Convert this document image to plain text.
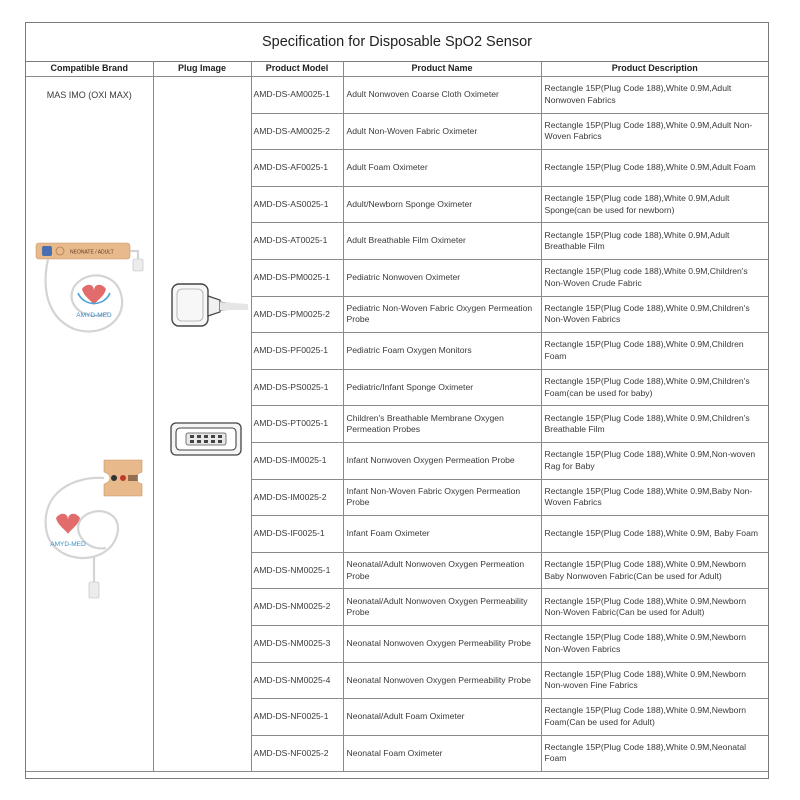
Specification for Disposable SpO2 Sensor
Compatible Brand	Plug Image	Product Model	Product Name	Product Description

MAS IMO (OXI MAX)
NEONATE / ADULT
AMYD-MED
AMYD-MED		AMD-DS-AM0025-1	Adult Nonwoven Coarse Cloth Oximeter	Rectangle 15P(Plug Code 188),White 0.9M,Adult Nonwoven Fabrics
		AMD-DS-AM0025-2	Adult Non-Woven Fabric Oximeter	Rectangle 15P(Plug Code 188),White 0.9M,Adult Non-Woven Fabrics
		AMD-DS-AF0025-1	Adult Foam Oximeter	Rectangle 15P(Plug Code 188),White 0.9M,Adult Foam
		AMD-DS-AS0025-1	Adult/Newborn Sponge Oximeter	Rectangle 15P(Plug code 188),White 0.9M,Adult Sponge(can be used for newborn)
		AMD-DS-AT0025-1	Adult Breathable Film Oximeter	Rectangle 15P(Plug code 188),White 0.9M,Adult Breathable Film
		AMD-DS-PM0025-1	Pediatric Nonwoven Oximeter	Rectangle 15P(Plug code 188),White 0.9M,Children's Non-Woven Crude Fabric
		AMD-DS-PM0025-2	Pediatric Non-Woven Fabric Oxygen Permeation Probe	Rectangle 15P(Plug Code 188),White 0.9M,Children's Non-Woven Fabrics
		AMD-DS-PF0025-1	Pediatric Foam Oxygen Monitors	Rectangle 15P(Plug Code 188),White 0.9M,Children Foam
		AMD-DS-PS0025-1	Pediatric/Infant Sponge Oximeter	Rectangle 15P(Plug Code 188),White 0.9M,Children's Foam(can be used for baby)
		AMD-DS-PT0025-1	Children's Breathable Membrane Oxygen Permeation Probes	Rectangle 15P(Plug Code 188),White 0.9M,Children's Breathable Film
		AMD-DS-IM0025-1	Infant Nonwoven Oxygen Permeation Probe	Rectangle 15P(Plug Code 188),White 0.9M,Non-woven Rag for Baby
		AMD-DS-IM0025-2	Infant Non-Woven Fabric Oxygen Permeation Probe	Rectangle 15P(Plug Code 188),White 0.9M,Baby Non-Woven Fabrics
		AMD-DS-IF0025-1	Infant Foam Oximeter	Rectangle 15P(Plug Code 188),White 0.9M, Baby Foam
		AMD-DS-NM0025-1	Neonatal/Adult Nonwoven Oxygen Permeation Probe	Rectangle 15P(Plug Code 188),White 0.9M,Newborn Baby Nonwoven Fabric(Can be used for Adult)
		AMD-DS-NM0025-2	Neonatal/Adult Nonwoven Oxygen Permeability Probe	Rectangle 15P(Plug Code 188),White 0.9M,Newborn Non-Woven Fabric(Can be used for Adult)
		AMD-DS-NM0025-3	Neonatal Nonwoven Oxygen Permeability Probe	Rectangle 15P(Plug Code 188),White 0.9M,Newborn Non-Woven Fabrics
		AMD-DS-NM0025-4	Neonatal Nonwoven Oxygen Permeability Probe	Rectangle 15P(Plug Code 188),White 0.9M,Newborn Non-woven Fine Fabrics
		AMD-DS-NF0025-1	Neonatal/Adult Foam Oximeter	Rectangle 15P(Plug Code 188),White 0.9M,Newborn Foam(Can be used for Adult)
		AMD-DS-NF0025-2	Neonatal Foam Oximeter	Rectangle 15P(Plug Code 188),White 0.9M,Neonatal Foam
